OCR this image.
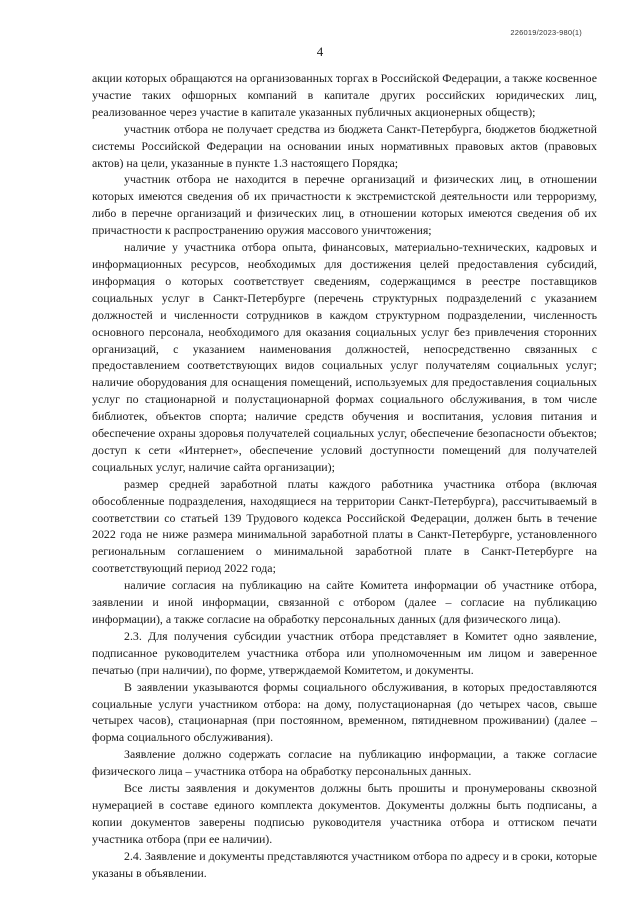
226019/2023-980(1)
4

акции которых обращаются на организованных торгах в Российской Федерации, а также косвенное участие таких офшорных компаний в капитале других российских юридических лиц, реализованное через участие в капитале указанных публичных акционерных обществ);

участник отбора не получает средства из бюджета Санкт-Петербурга, бюджетов бюджетной системы Российской Федерации на основании иных нормативных правовых актов (правовых актов) на цели, указанные в пункте 1.3 настоящего Порядка;

участник отбора не находится в перечне организаций и физических лиц, в отношении которых имеются сведения об их причастности к экстремистской деятельности или терроризму, либо в перечне организаций и физических лиц, в отношении которых имеются сведения об их причастности к распространению оружия массового уничтожения;

наличие у участника отбора опыта, финансовых, материально-технических, кадровых и информационных ресурсов, необходимых для достижения целей предоставления субсидий, информация о которых соответствует сведениям, содержащимся в реестре поставщиков социальных услуг в Санкт-Петербурге (перечень структурных подразделений с указанием должностей и численности сотрудников в каждом структурном подразделении, численность основного персонала, необходимого для оказания социальных услуг без привлечения сторонних организаций, с указанием наименования должностей, непосредственно связанных с предоставлением соответствующих видов социальных услуг получателям социальных услуг; наличие оборудования для оснащения помещений, используемых для предоставления социальных услуг по стационарной и полустационарной формах социального обслуживания, в том числе библиотек, объектов спорта; наличие средств обучения и воспитания, условия питания и обеспечение охраны здоровья получателей социальных услуг, обеспечение безопасности объектов; доступ к сети «Интернет», обеспечение условий доступности помещений для получателей социальных услуг, наличие сайта организации);

размер средней заработной платы каждого работника участника отбора (включая обособленные подразделения, находящиеся на территории Санкт-Петербурга), рассчитываемый в соответствии со статьей 139 Трудового кодекса Российской Федерации, должен быть в течение 2022 года не ниже размера минимальной заработной платы в Санкт-Петербурге, установленного региональным соглашением о минимальной заработной плате в Санкт-Петербурге на соответствующий период 2022 года;

наличие согласия на публикацию на сайте Комитета информации об участнике отбора, заявлении и иной информации, связанной с отбором (далее – согласие на публикацию информации), а также согласие на обработку персональных данных (для физического лица).

2.3. Для получения субсидии участник отбора представляет в Комитет одно заявление, подписанное руководителем участника отбора или уполномоченным им лицом и заверенное печатью (при наличии), по форме, утверждаемой Комитетом, и документы.

В заявлении указываются формы социального обслуживания, в которых предоставляются социальные услуги участником отбора: на дому, полустационарная (до четырех часов, свыше четырех часов), стационарная (при постоянном, временном, пятидневном проживании) (далее – форма социального обслуживания).

Заявление должно содержать согласие на публикацию информации, а также согласие физического лица – участника отбора на обработку персональных данных.

Все листы заявления и документов должны быть прошиты и пронумерованы сквозной нумерацией в составе единого комплекта документов. Документы должны быть подписаны, а копии документов заверены подписью руководителя участника отбора и оттиском печати участника отбора (при ее наличии).

2.4. Заявление и документы представляются участником отбора по адресу и в сроки, которые указаны в объявлении.
